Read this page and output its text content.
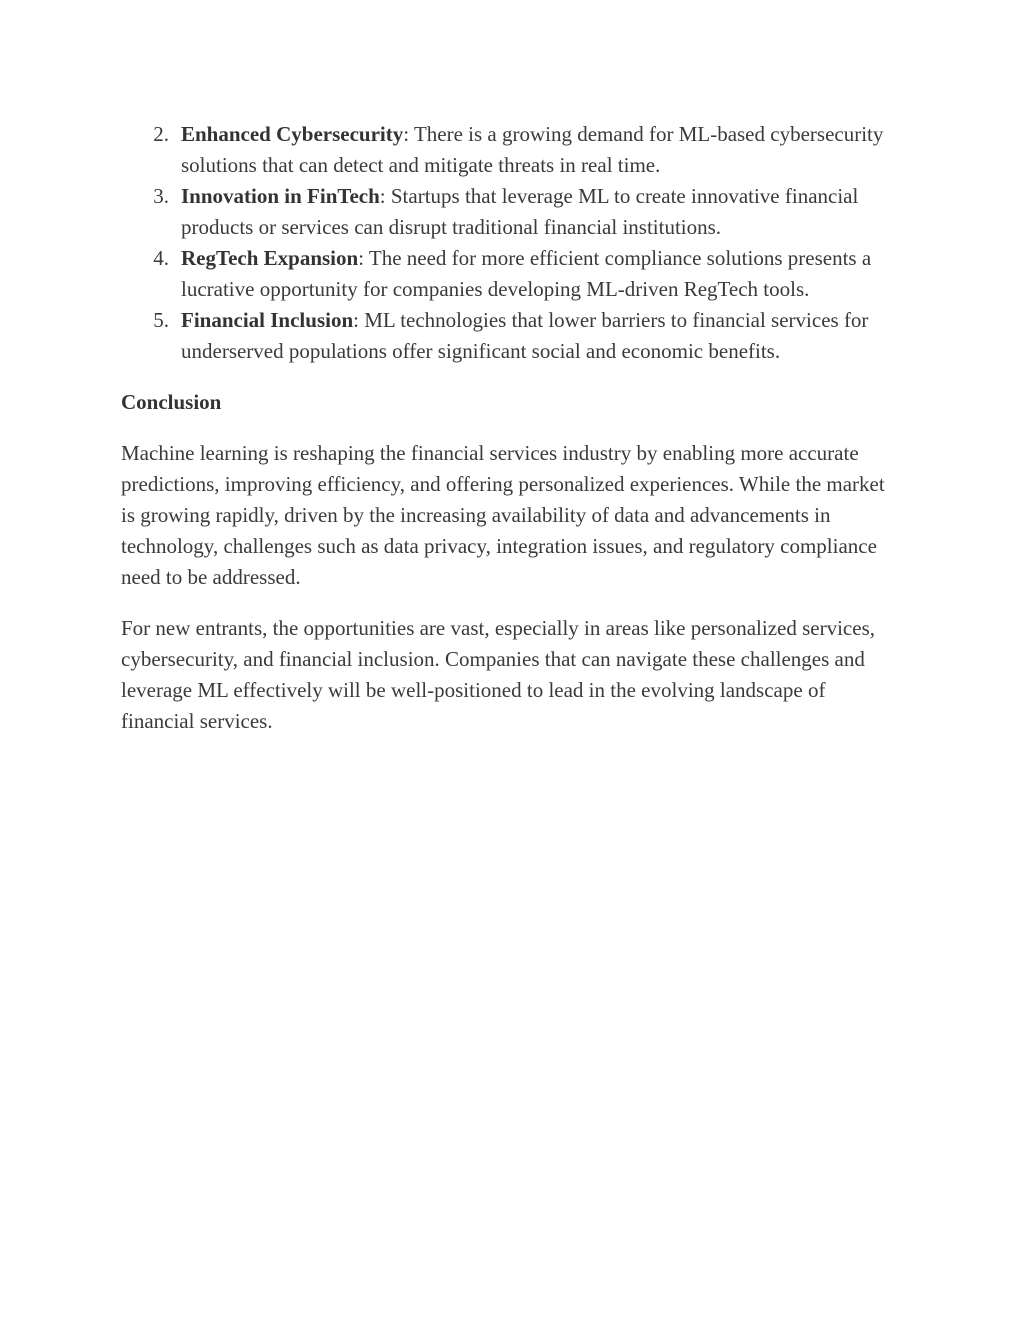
2. Enhanced Cybersecurity: There is a growing demand for ML-based cybersecurity solutions that can detect and mitigate threats in real time.
3. Innovation in FinTech: Startups that leverage ML to create innovative financial products or services can disrupt traditional financial institutions.
4. RegTech Expansion: The need for more efficient compliance solutions presents a lucrative opportunity for companies developing ML-driven RegTech tools.
5. Financial Inclusion: ML technologies that lower barriers to financial services for underserved populations offer significant social and economic benefits.
Conclusion

Machine learning is reshaping the financial services industry by enabling more accurate predictions, improving efficiency, and offering personalized experiences. While the market is growing rapidly, driven by the increasing availability of data and advancements in technology, challenges such as data privacy, integration issues, and regulatory compliance need to be addressed.

For new entrants, the opportunities are vast, especially in areas like personalized services, cybersecurity, and financial inclusion. Companies that can navigate these challenges and leverage ML effectively will be well-positioned to lead in the evolving landscape of financial services.
